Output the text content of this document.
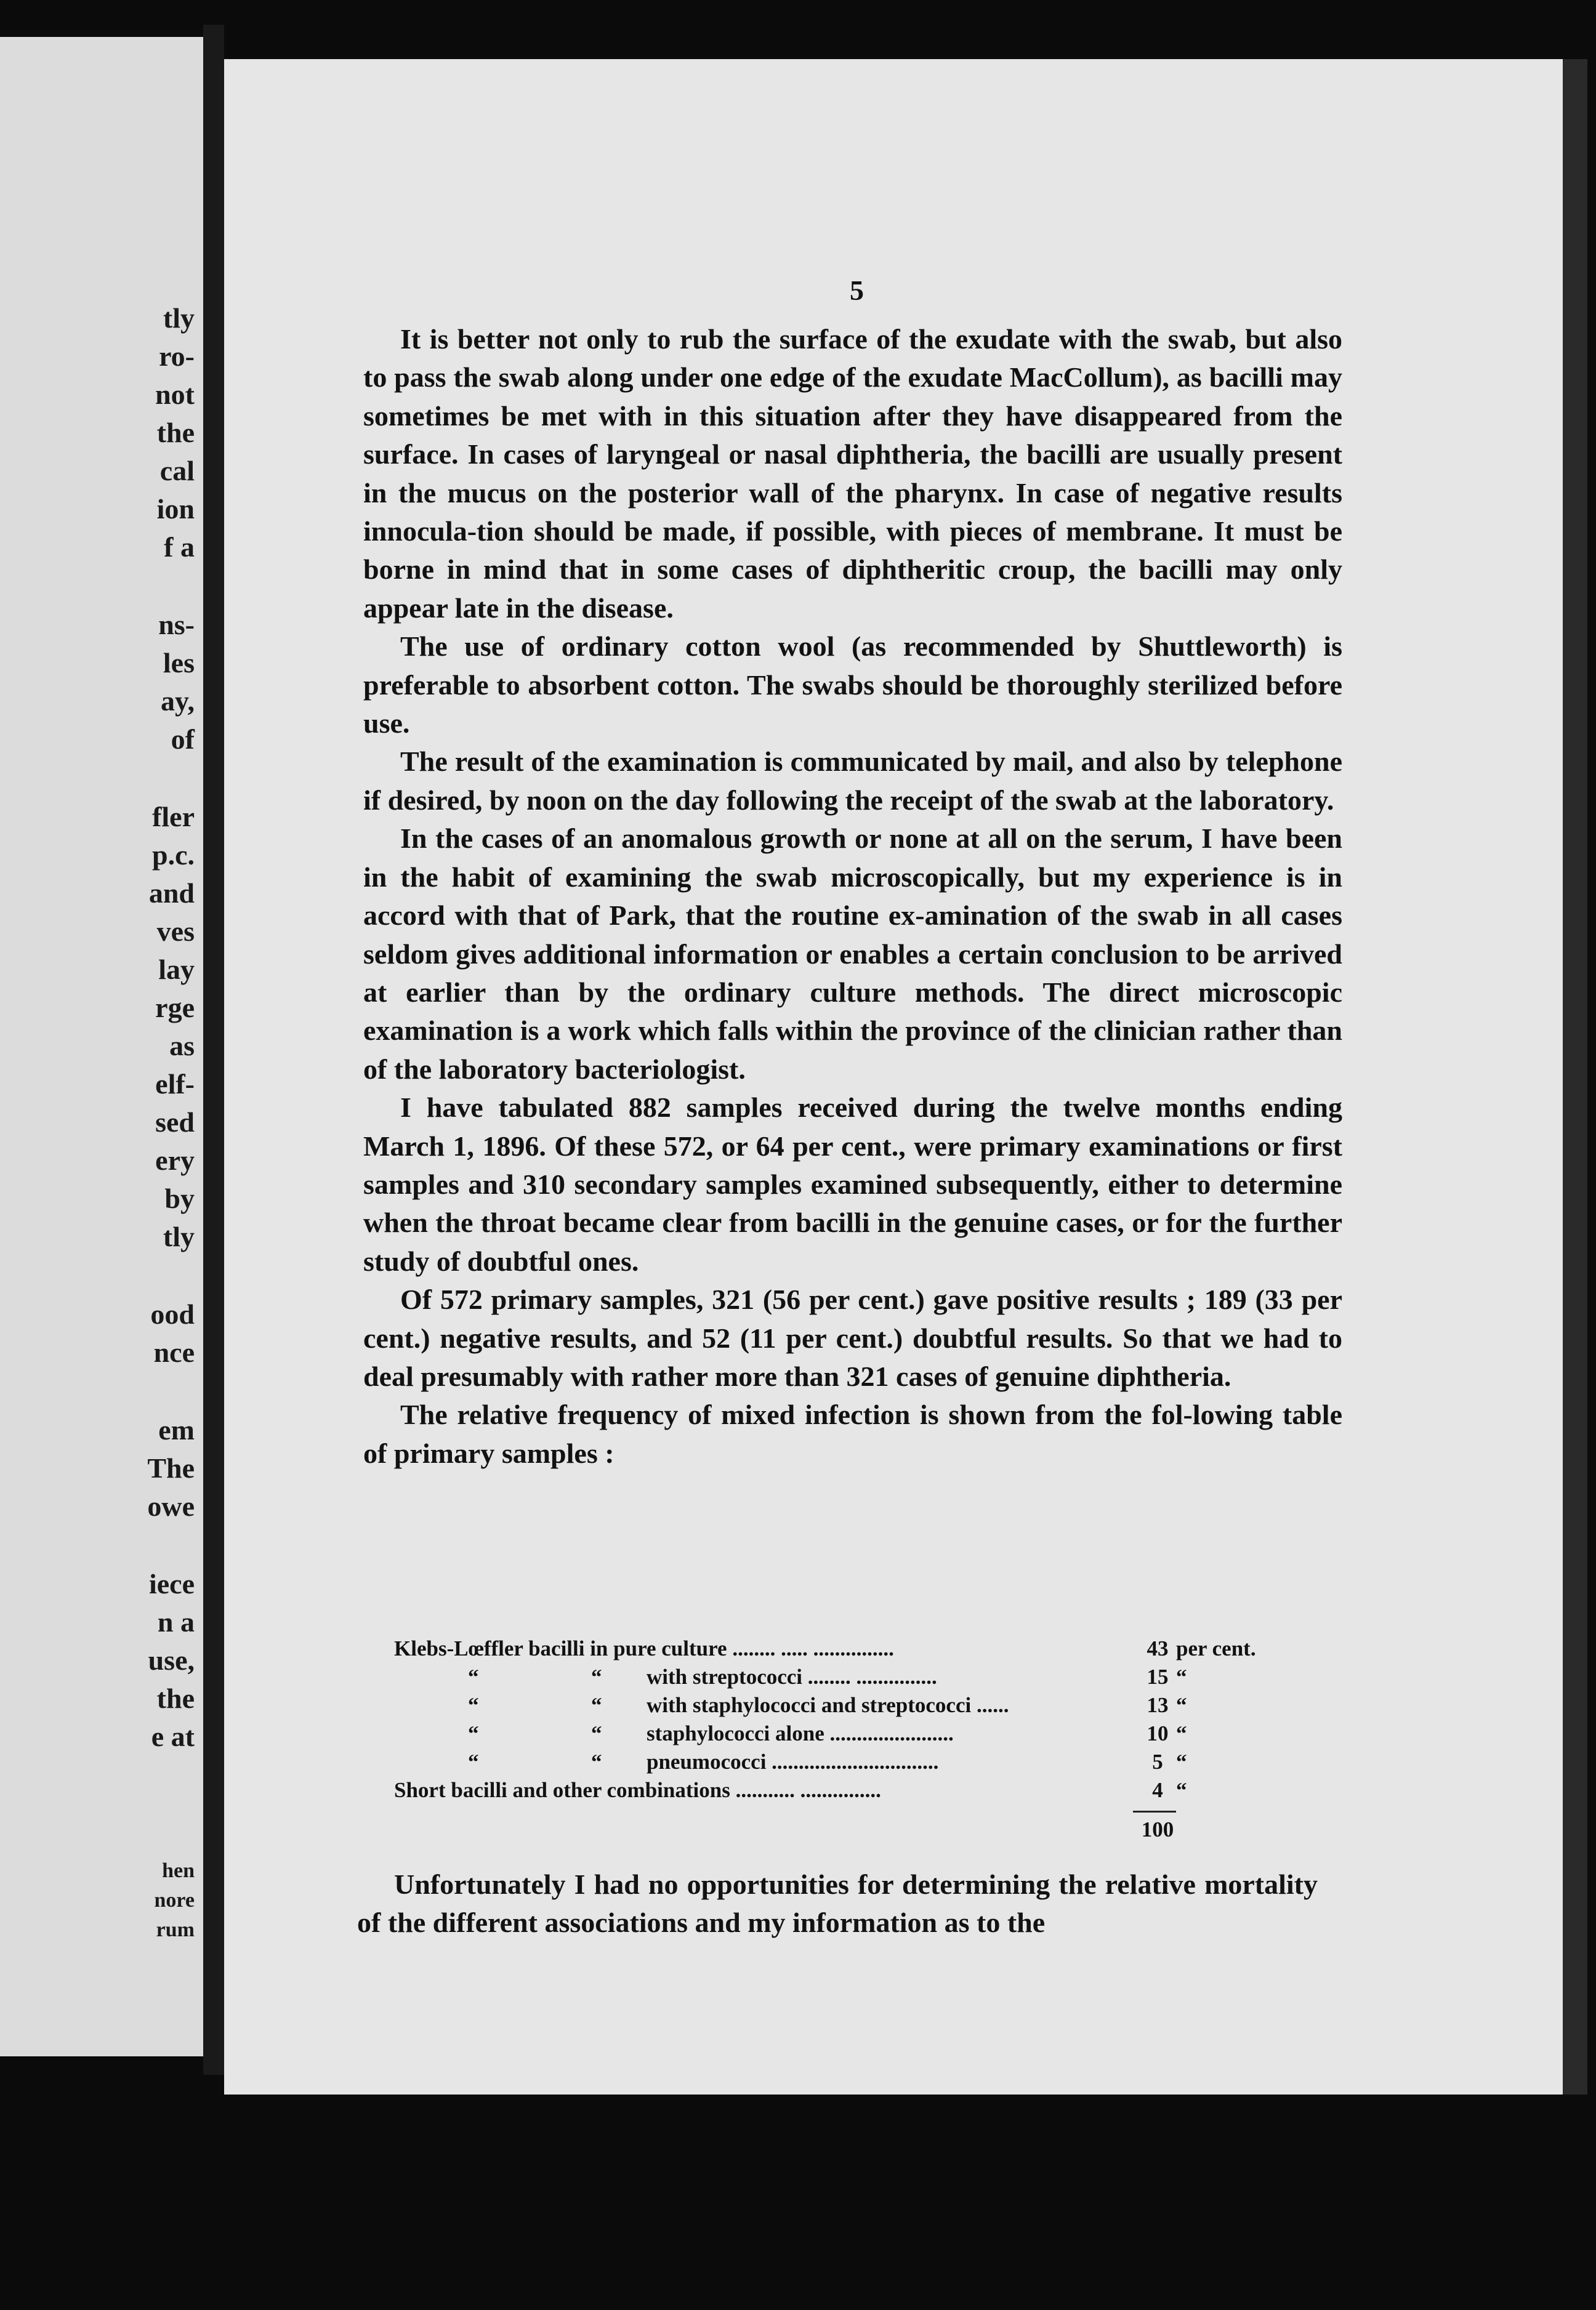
tly
ro-
not
the
cal
ion
f a
ns-
les
ay,
of
fler
p.c.
and
ves
lay
rge
as
elf-
sed
ery
by
tly
ood
nce
em
The
owe
iece
n a
use,
the
e at
hen
nore
rum
5

It is better not only to rub the surface of the exudate with the swab, but also to pass the swab along under one edge of the exudate MacCollum), as bacilli may sometimes be met with in this situation after they have disappeared from the surface. In cases of laryngeal or nasal diphtheria, the bacilli are usually present in the mucus on the posterior wall of the pharynx. In case of negative results innocula-tion should be made, if possible, with pieces of membrane. It must be borne in mind that in some cases of diphtheritic croup, the bacilli may only appear late in the disease.

The use of ordinary cotton wool (as recommended by Shuttleworth) is preferable to absorbent cotton. The swabs should be thoroughly sterilized before use.

The result of the examination is communicated by mail, and also by telephone if desired, by noon on the day following the receipt of the swab at the laboratory.

In the cases of an anomalous growth or none at all on the serum, I have been in the habit of examining the swab microscopically, but my experience is in accord with that of Park, that the routine ex-amination of the swab in all cases seldom gives additional information or enables a certain conclusion to be arrived at earlier than by the ordinary culture methods. The direct microscopic examination is a work which falls within the province of the clinician rather than of the laboratory bacteriologist.

I have tabulated 882 samples received during the twelve months ending March 1, 1896. Of these 572, or 64 per cent., were primary examinations or first samples and 310 secondary samples examined subsequently, either to determine when the throat became clear from bacilli in the genuine cases, or for the further study of doubtful ones.

Of 572 primary samples, 321 (56 per cent.) gave positive results ; 189 (33 per cent.) negative results, and 52 (11 per cent.) doubtful results. So that we had to deal presumably with rather more than 321 cases of genuine diphtheria.

The relative frequency of mixed infection is shown from the fol-lowing table of primary samples :

Klebs-Lœffler bacilli in pure culture ........ ..... ...............	43 per cent.
“	“ with streptococci ........ ...............	15 “
“	“ with staphylococci and streptococci ......	13 “
“	“ staphylococci alone .......................	10 “
“	“ pneumococci ...............................	5 “
Short bacilli and other combinations ........... ...............	4 “
100

Unfortunately I had no opportunities for determining the relative mortality of the different associations and my information as to the
